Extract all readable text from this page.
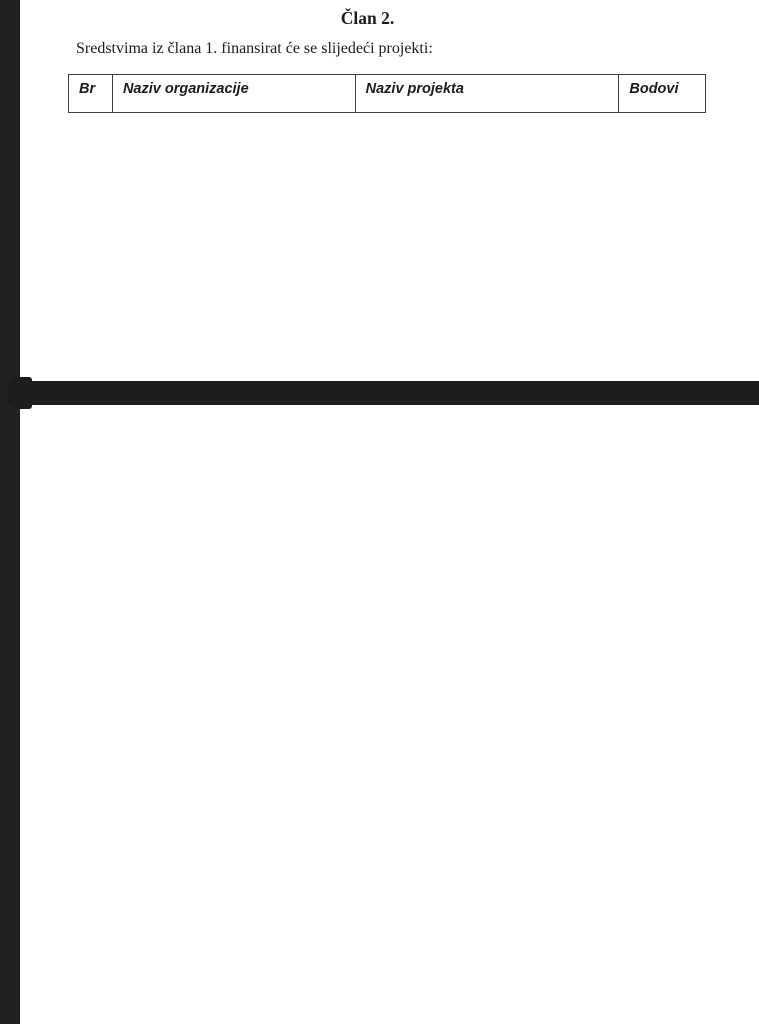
Član 2.

Sredstvima iz člana 1. finansirat će se slijedeći projekti:

Br	Naziv organizacije	Naziv projekta	Bodovi
